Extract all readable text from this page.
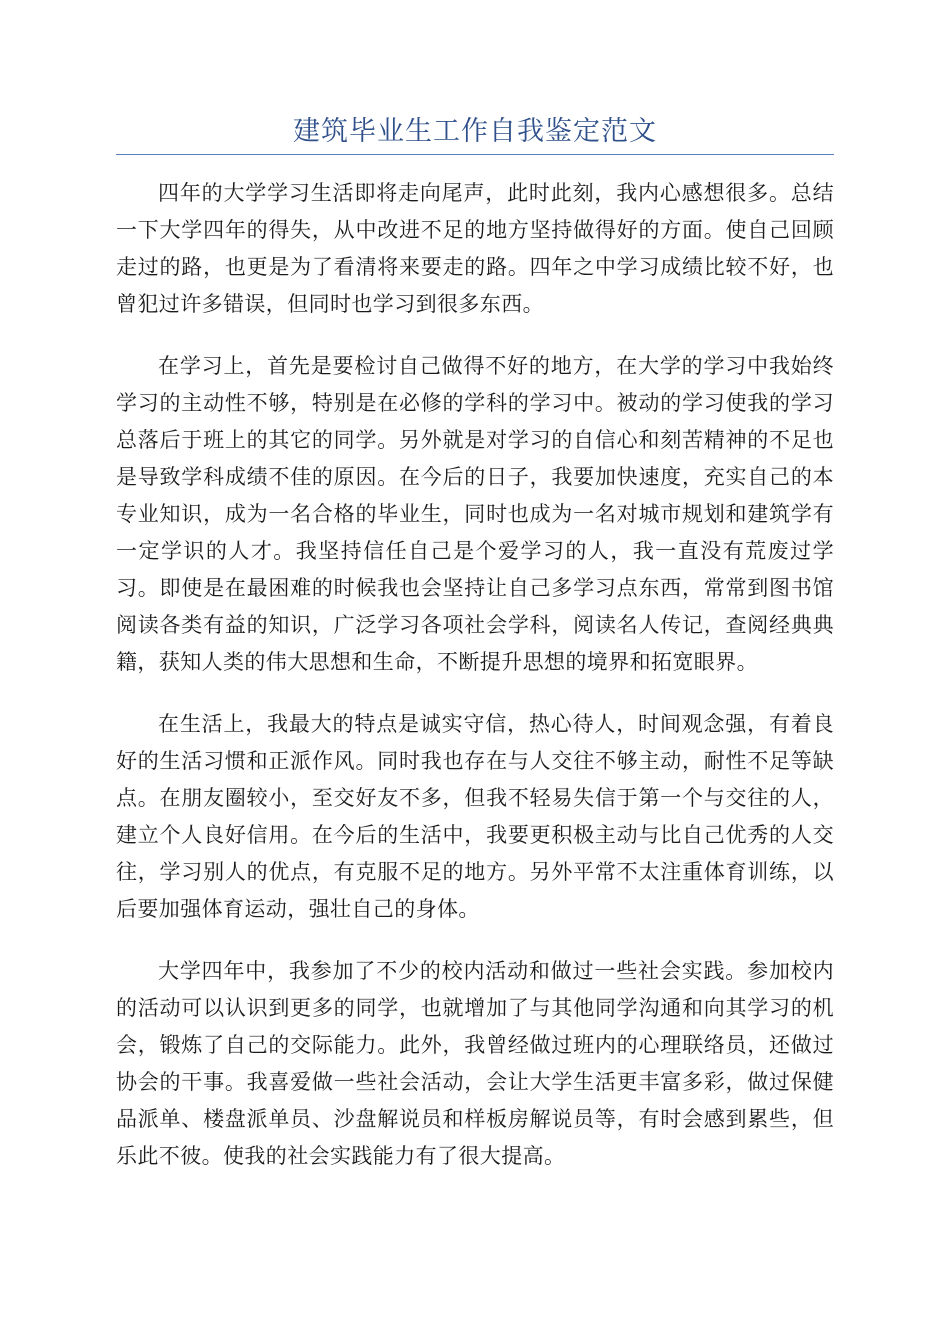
建筑毕业生工作自我鉴定范文

四年的大学学习生活即将走向尾声，此时此刻，我内心感想很多。总结一下大学四年的得失，从中改进不足的地方坚持做得好的方面。使自己回顾走过的路，也更是为了看清将来要走的路。四年之中学习成绩比较不好，也曾犯过许多错误，但同时也学习到很多东西。

在学习上，首先是要检讨自己做得不好的地方，在大学的学习中我始终学习的主动性不够，特别是在必修的学科的学习中。被动的学习使我的学习总落后于班上的其它的同学。另外就是对学习的自信心和刻苦精神的不足也是导致学科成绩不佳的原因。在今后的日子，我要加快速度，充实自己的本专业知识，成为一名合格的毕业生，同时也成为一名对城市规划和建筑学有一定学识的人才。我坚持信任自己是个爱学习的人，我一直没有荒废过学习。即使是在最困难的时候我也会坚持让自己多学习点东西，常常到图书馆阅读各类有益的知识，广泛学习各项社会学科，阅读名人传记，查阅经典典籍，获知人类的伟大思想和生命，不断提升思想的境界和拓宽眼界。

在生活上，我最大的特点是诚实守信，热心待人，时间观念强，有着良好的生活习惯和正派作风。同时我也存在与人交往不够主动，耐性不足等缺点。在朋友圈较小，至交好友不多，但我不轻易失信于第一个与交往的人，建立个人良好信用。在今后的生活中，我要更积极主动与比自己优秀的人交往，学习别人的优点，有克服不足的地方。另外平常不太注重体育训练，以后要加强体育运动，强壮自己的身体。

大学四年中，我参加了不少的校内活动和做过一些社会实践。参加校内的活动可以认识到更多的同学，也就增加了与其他同学沟通和向其学习的机会，锻炼了自己的交际能力。此外，我曾经做过班内的心理联络员，还做过协会的干事。我喜爱做一些社会活动，会让大学生活更丰富多彩，做过保健品派单、楼盘派单员、沙盘解说员和样板房解说员等，有时会感到累些，但乐此不彼。使我的社会实践能力有了很大提高。
